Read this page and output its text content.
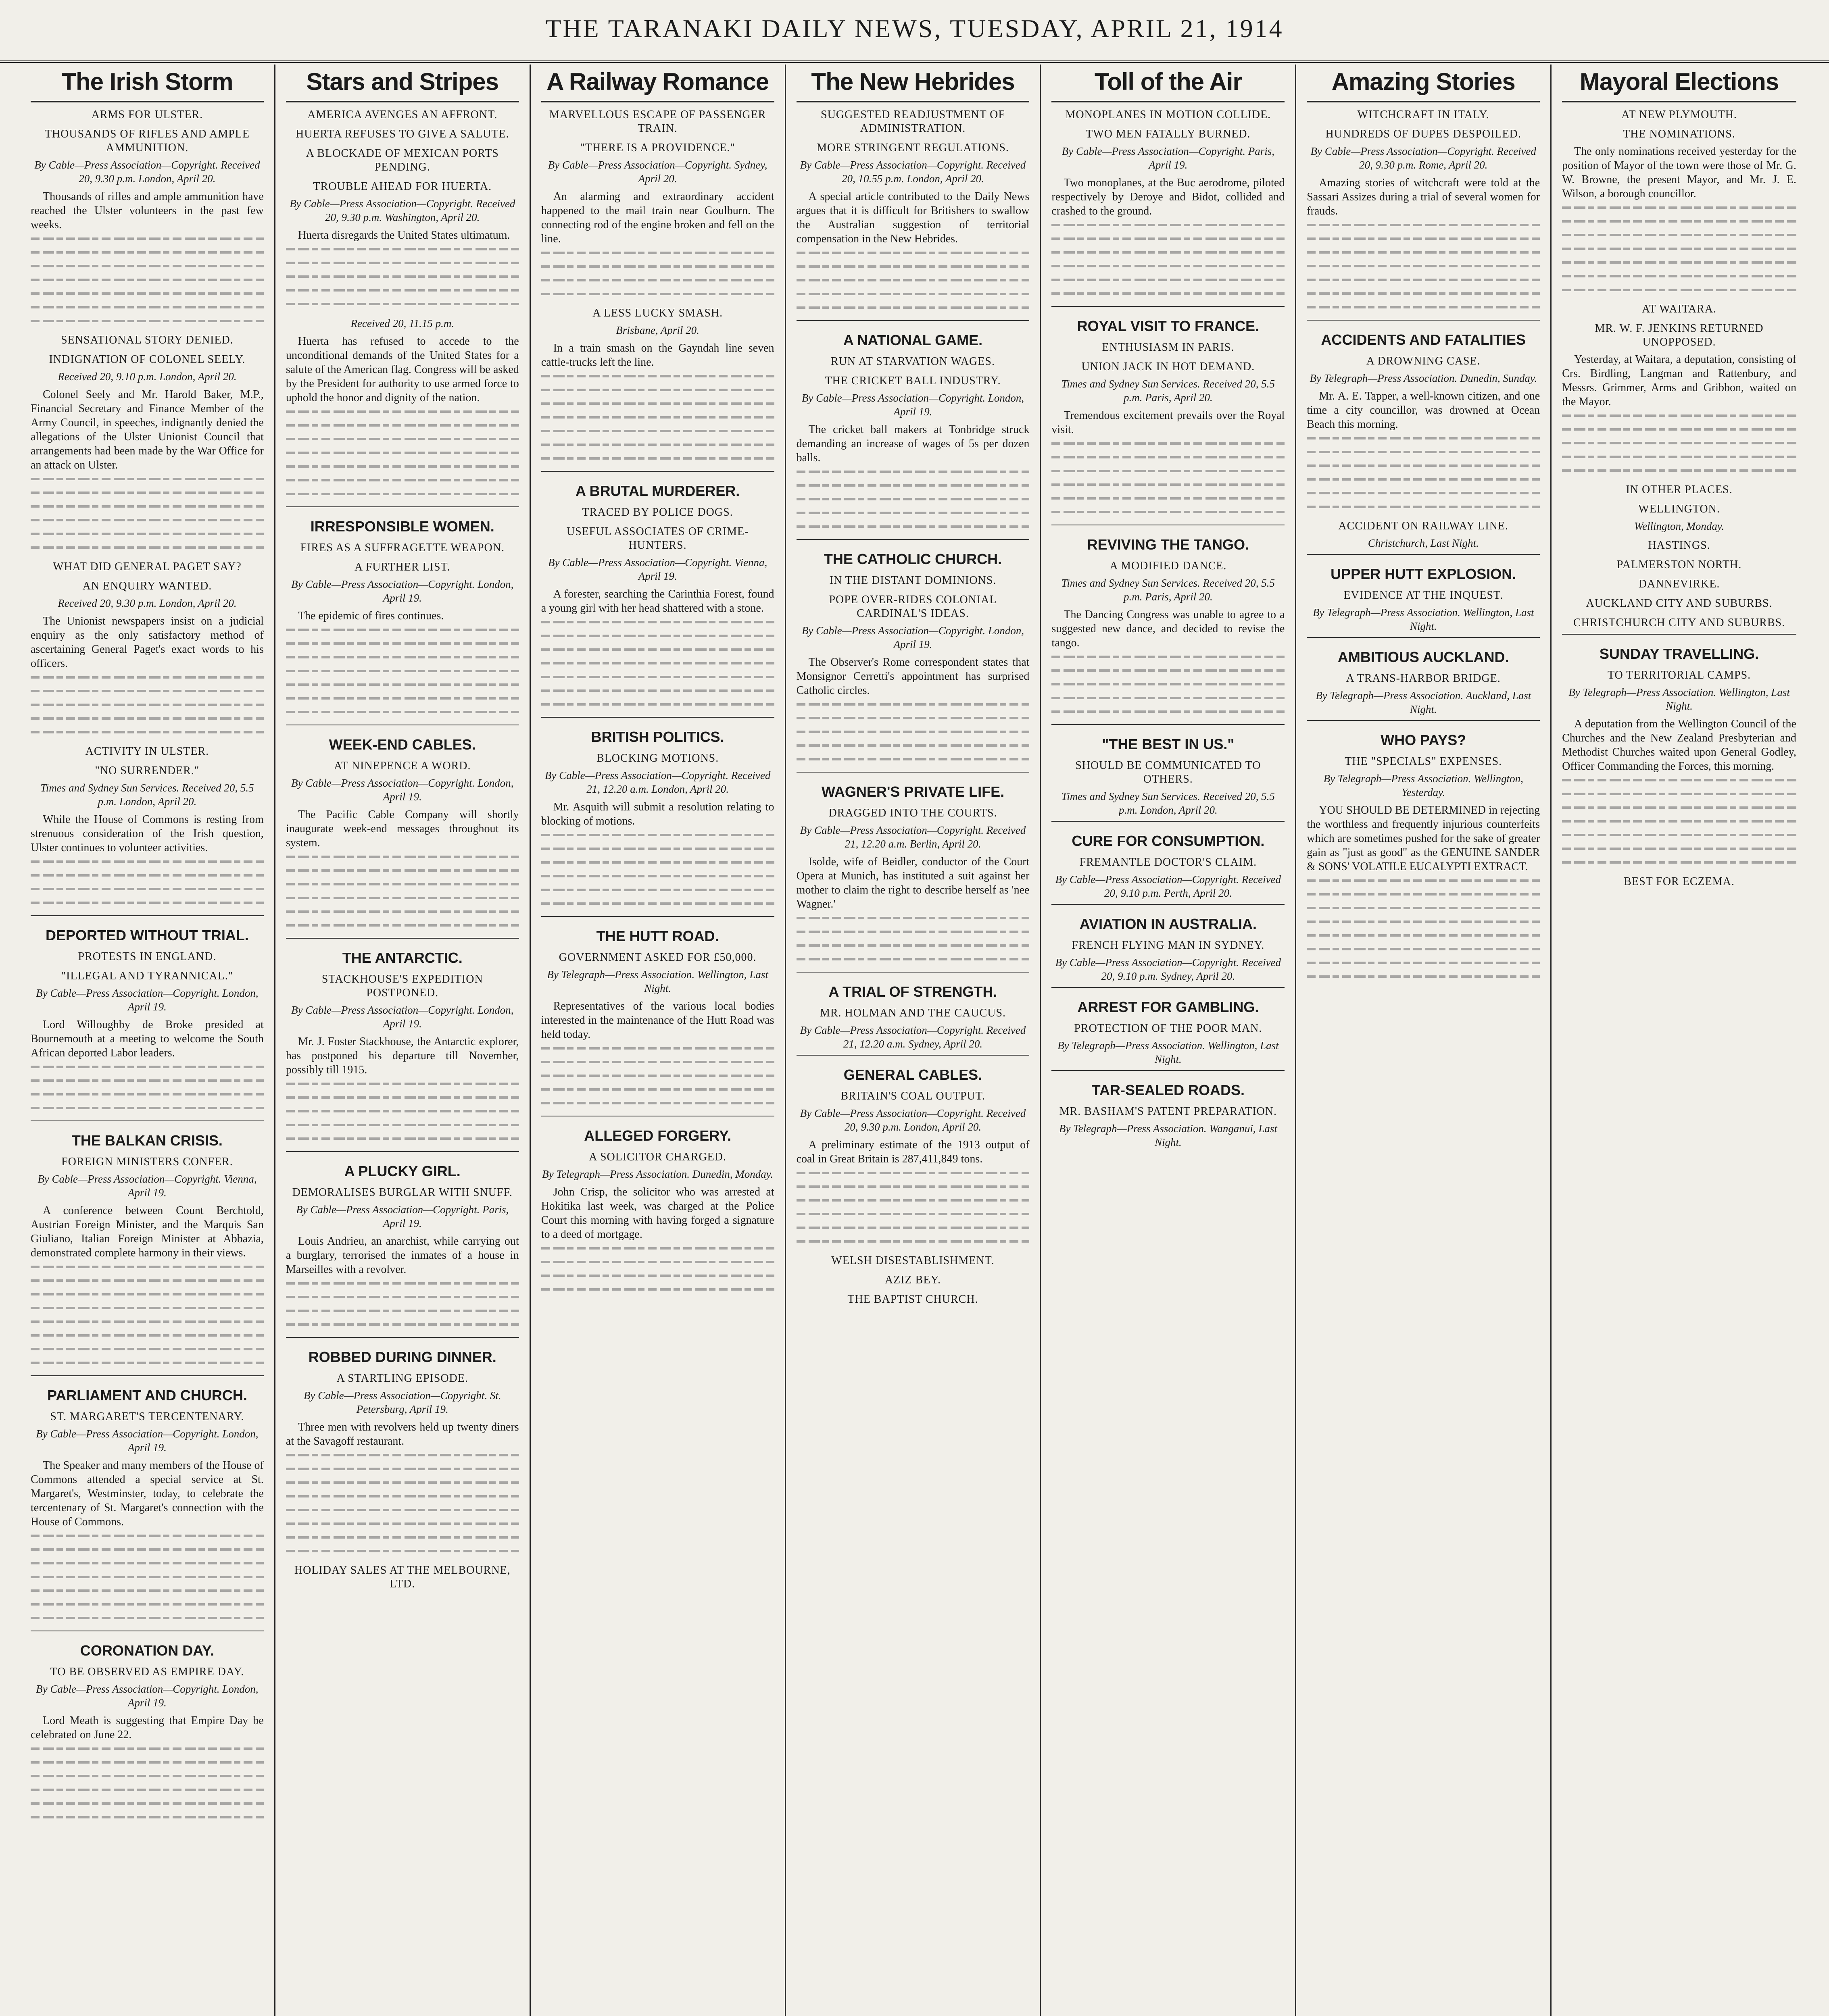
THE TARANAKI DAILY NEWS, TUESDAY, APRIL 21, 1914
The Irish Storm
ARMS FOR ULSTER.
THOUSANDS OF RIFLES AND AMPLE AMMUNITION.
By Cable—Press Association—Copyright. Received 20, 9.30 p.m. London, April 20.
Thousands of rifles and ample ammunition have reached the Ulster volunteers in the past few weeks.
SENSATIONAL STORY DENIED.
INDIGNATION OF COLONEL SEELY.
Received 20, 9.10 p.m. London, April 20.
Colonel Seely and Mr. Harold Baker, M.P., Financial Secretary and Finance Member of the Army Council, in speeches, indignantly denied the allegations of the Ulster Unionist Council that arrangements had been made by the War Office for an attack on Ulster.
WHAT DID GENERAL PAGET SAY?
AN ENQUIRY WANTED.
Received 20, 9.30 p.m. London, April 20.
The Unionist newspapers insist on a judicial enquiry as the only satisfactory method of ascertaining General Paget's exact words to his officers.
ACTIVITY IN ULSTER.
"NO SURRENDER."
Times and Sydney Sun Services. Received 20, 5.5 p.m. London, April 20.
While the House of Commons is resting from strenuous consideration of the Irish question, Ulster continues to volunteer activities.
DEPORTED WITHOUT TRIAL.
PROTESTS IN ENGLAND.
"ILLEGAL AND TYRANNICAL."
By Cable—Press Association—Copyright. London, April 19.
Lord Willoughby de Broke presided at Bournemouth at a meeting to welcome the South African deported Labor leaders.
THE BALKAN CRISIS.
FOREIGN MINISTERS CONFER.
By Cable—Press Association—Copyright. Vienna, April 19.
A conference between Count Berchtold, Austrian Foreign Minister, and the Marquis San Giuliano, Italian Foreign Minister at Abbazia, demonstrated complete harmony in their views.
PARLIAMENT AND CHURCH.
ST. MARGARET'S TERCENTENARY.
By Cable—Press Association—Copyright. London, April 19.
The Speaker and many members of the House of Commons attended a special service at St. Margaret's, Westminster, today, to celebrate the tercentenary of St. Margaret's connection with the House of Commons.
CORONATION DAY.
TO BE OBSERVED AS EMPIRE DAY.
By Cable—Press Association—Copyright. London, April 19.
Lord Meath is suggesting that Empire Day be celebrated on June 22.
Stars and Stripes
AMERICA AVENGES AN AFFRONT.
HUERTA REFUSES TO GIVE A SALUTE.
A BLOCKADE OF MEXICAN PORTS PENDING.
TROUBLE AHEAD FOR HUERTA.
By Cable—Press Association—Copyright. Received 20, 9.30 p.m. Washington, April 20.
Huerta disregards the United States ultimatum.
Received 20, 11.15 p.m.
Huerta has refused to accede to the unconditional demands of the United States for a salute of the American flag. Congress will be asked by the President for authority to use armed force to uphold the honor and dignity of the nation.
IRRESPONSIBLE WOMEN.
FIRES AS A SUFFRAGETTE WEAPON.
A FURTHER LIST.
By Cable—Press Association—Copyright. London, April 19.
The epidemic of fires continues.
WEEK-END CABLES.
AT NINEPENCE A WORD.
By Cable—Press Association—Copyright. London, April 19.
The Pacific Cable Company will shortly inaugurate week-end messages throughout its system.
THE ANTARCTIC.
STACKHOUSE'S EXPEDITION POSTPONED.
By Cable—Press Association—Copyright. London, April 19.
Mr. J. Foster Stackhouse, the Antarctic explorer, has postponed his departure till November, possibly till 1915.
A PLUCKY GIRL.
DEMORALISES BURGLAR WITH SNUFF.
By Cable—Press Association—Copyright. Paris, April 19.
Louis Andrieu, an anarchist, while carrying out a burglary, terrorised the inmates of a house in Marseilles with a revolver.
ROBBED DURING DINNER.
A STARTLING EPISODE.
By Cable—Press Association—Copyright. St. Petersburg, April 19.
Three men with revolvers held up twenty diners at the Savagoff restaurant.
HOLIDAY SALES AT THE MELBOURNE, LTD.
A Railway Romance
MARVELLOUS ESCAPE OF PASSENGER TRAIN.
"THERE IS A PROVIDENCE."
By Cable—Press Association—Copyright. Sydney, April 20.
An alarming and extraordinary accident happened to the mail train near Goulburn. The connecting rod of the engine broken and fell on the line.
A LESS LUCKY SMASH.
Brisbane, April 20.
In a train smash on the Gayndah line seven cattle-trucks left the line.
A BRUTAL MURDERER.
TRACED BY POLICE DOGS.
USEFUL ASSOCIATES OF CRIME-HUNTERS.
By Cable—Press Association—Copyright. Vienna, April 19.
A forester, searching the Carinthia Forest, found a young girl with her head shattered with a stone.
BRITISH POLITICS.
BLOCKING MOTIONS.
By Cable—Press Association—Copyright. Received 21, 12.20 a.m. London, April 20.
Mr. Asquith will submit a resolution relating to blocking of motions.
THE HUTT ROAD.
GOVERNMENT ASKED FOR £50,000.
By Telegraph—Press Association. Wellington, Last Night.
Representatives of the various local bodies interested in the maintenance of the Hutt Road was held today.
ALLEGED FORGERY.
A SOLICITOR CHARGED.
By Telegraph—Press Association. Dunedin, Monday.
John Crisp, the solicitor who was arrested at Hokitika last week, was charged at the Police Court this morning with having forged a signature to a deed of mortgage.
The New Hebrides
SUGGESTED READJUSTMENT OF ADMINISTRATION.
MORE STRINGENT REGULATIONS.
By Cable—Press Association—Copyright. Received 20, 10.55 p.m. London, April 20.
A special article contributed to the Daily News argues that it is difficult for Britishers to swallow the Australian suggestion of territorial compensation in the New Hebrides.
A NATIONAL GAME.
RUN AT STARVATION WAGES.
THE CRICKET BALL INDUSTRY.
By Cable—Press Association—Copyright. London, April 19.
The cricket ball makers at Tonbridge struck demanding an increase of wages of 5s per dozen balls.
THE CATHOLIC CHURCH.
IN THE DISTANT DOMINIONS.
POPE OVER-RIDES COLONIAL CARDINAL'S IDEAS.
By Cable—Press Association—Copyright. London, April 19.
The Observer's Rome correspondent states that Monsignor Cerretti's appointment has surprised Catholic circles.
WAGNER'S PRIVATE LIFE.
DRAGGED INTO THE COURTS.
By Cable—Press Association—Copyright. Received 21, 12.20 a.m. Berlin, April 20.
Isolde, wife of Beidler, conductor of the Court Opera at Munich, has instituted a suit against her mother to claim the right to describe herself as 'nee Wagner.'
A TRIAL OF STRENGTH.
MR. HOLMAN AND THE CAUCUS.
By Cable—Press Association—Copyright. Received 21, 12.20 a.m. Sydney, April 20.
GENERAL CABLES.
BRITAIN'S COAL OUTPUT.
By Cable—Press Association—Copyright. Received 20, 9.30 p.m. London, April 20.
A preliminary estimate of the 1913 output of coal in Great Britain is 287,411,849 tons.
WELSH DISESTABLISHMENT.
AZIZ BEY.
THE BAPTIST CHURCH.
Toll of the Air
MONOPLANES IN MOTION COLLIDE.
TWO MEN FATALLY BURNED.
By Cable—Press Association—Copyright. Paris, April 19.
Two monoplanes, at the Buc aerodrome, piloted respectively by Deroye and Bidot, collided and crashed to the ground.
ROYAL VISIT TO FRANCE.
ENTHUSIASM IN PARIS.
UNION JACK IN HOT DEMAND.
Times and Sydney Sun Services. Received 20, 5.5 p.m. Paris, April 20.
Tremendous excitement prevails over the Royal visit.
REVIVING THE TANGO.
A MODIFIED DANCE.
Times and Sydney Sun Services. Received 20, 5.5 p.m. Paris, April 20.
The Dancing Congress was unable to agree to a suggested new dance, and decided to revise the tango.
"THE BEST IN US."
SHOULD BE COMMUNICATED TO OTHERS.
Times and Sydney Sun Services. Received 20, 5.5 p.m. London, April 20.
CURE FOR CONSUMPTION.
FREMANTLE DOCTOR'S CLAIM.
By Cable—Press Association—Copyright. Received 20, 9.10 p.m. Perth, April 20.
AVIATION IN AUSTRALIA.
FRENCH FLYING MAN IN SYDNEY.
By Cable—Press Association—Copyright. Received 20, 9.10 p.m. Sydney, April 20.
ARREST FOR GAMBLING.
PROTECTION OF THE POOR MAN.
By Telegraph—Press Association. Wellington, Last Night.
TAR-SEALED ROADS.
MR. BASHAM'S PATENT PREPARATION.
By Telegraph—Press Association. Wanganui, Last Night.
Amazing Stories
WITCHCRAFT IN ITALY.
HUNDREDS OF DUPES DESPOILED.
By Cable—Press Association—Copyright. Received 20, 9.30 p.m. Rome, April 20.
Amazing stories of witchcraft were told at the Sassari Assizes during a trial of several women for frauds.
ACCIDENTS AND FATALITIES
A DROWNING CASE.
By Telegraph—Press Association. Dunedin, Sunday.
Mr. A. E. Tapper, a well-known citizen, and one time a city councillor, was drowned at Ocean Beach this morning.
ACCIDENT ON RAILWAY LINE.
Christchurch, Last Night.
UPPER HUTT EXPLOSION.
EVIDENCE AT THE INQUEST.
By Telegraph—Press Association. Wellington, Last Night.
AMBITIOUS AUCKLAND.
A TRANS-HARBOR BRIDGE.
By Telegraph—Press Association. Auckland, Last Night.
WHO PAYS?
THE "SPECIALS" EXPENSES.
By Telegraph—Press Association. Wellington, Yesterday.
YOU SHOULD BE DETERMINED in rejecting the worthless and frequently injurious counterfeits which are sometimes pushed for the sake of greater gain as "just as good" as the GENUINE SANDER & SONS' VOLATILE EUCALYPTI EXTRACT.
Mayoral Elections
AT NEW PLYMOUTH.
THE NOMINATIONS.
The only nominations received yesterday for the position of Mayor of the town were those of Mr. G. W. Browne, the present Mayor, and Mr. J. E. Wilson, a borough councillor.
AT WAITARA.
MR. W. F. JENKINS RETURNED UNOPPOSED.
Yesterday, at Waitara, a deputation, consisting of Crs. Birdling, Langman and Rattenbury, and Messrs. Grimmer, Arms and Gribbon, waited on the Mayor.
IN OTHER PLACES.
WELLINGTON.
Wellington, Monday.
HASTINGS.
PALMERSTON NORTH.
DANNEVIRKE.
AUCKLAND CITY AND SUBURBS.
CHRISTCHURCH CITY AND SUBURBS.
SUNDAY TRAVELLING.
TO TERRITORIAL CAMPS.
By Telegraph—Press Association. Wellington, Last Night.
A deputation from the Wellington Council of the Churches and the New Zealand Presbyterian and Methodist Churches waited upon General Godley, Officer Commanding the Forces, this morning.
BEST FOR ECZEMA.
